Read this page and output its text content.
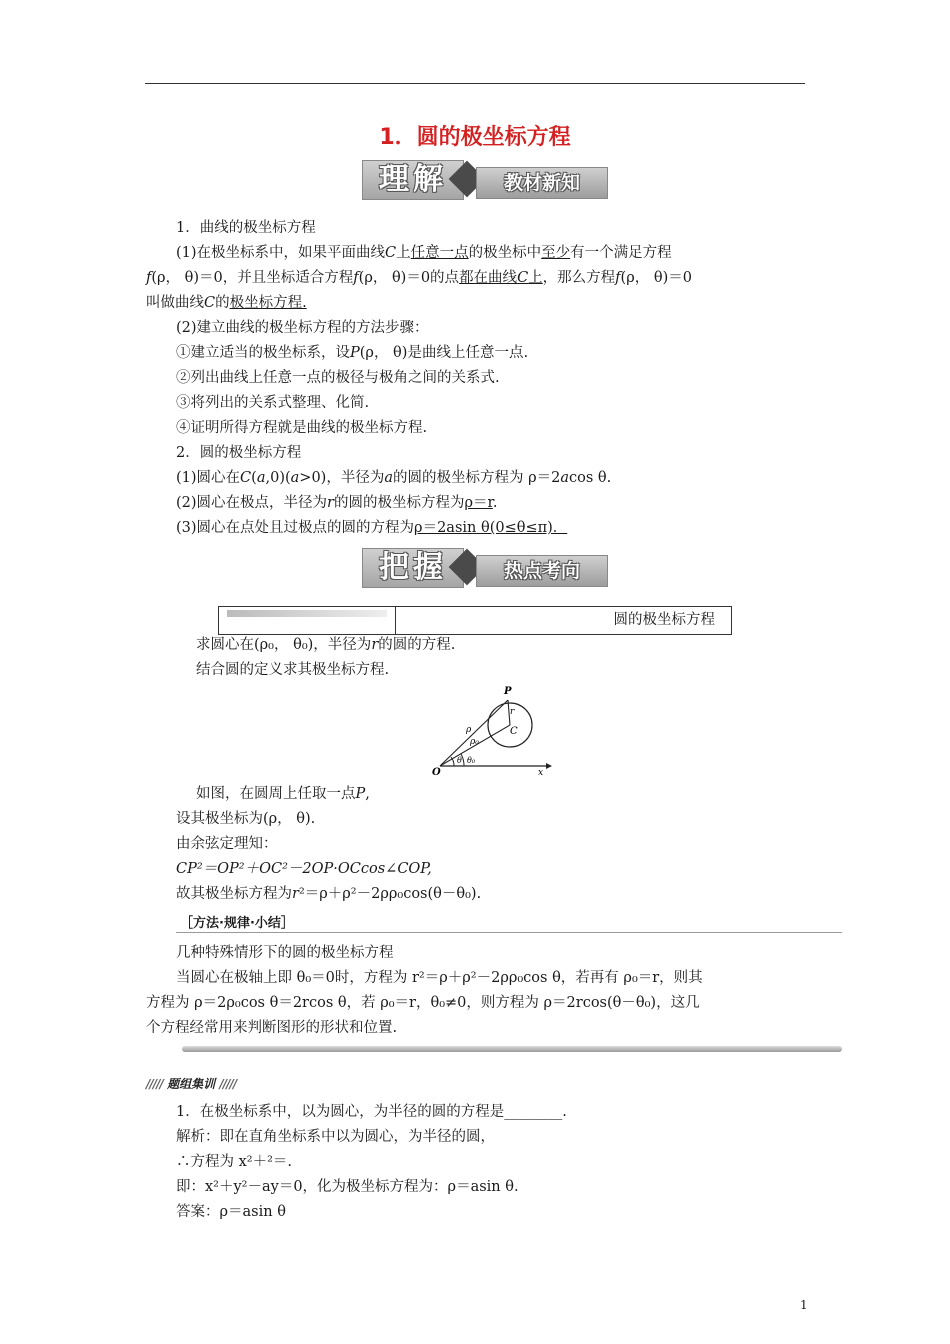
1．圆的极坐标方程
理解	教材新知
1．曲线的极坐标方程
(1)在极坐标系中，如果平面曲线C上任意一点的极坐标中至少有一个满足方程
f(ρ， θ)＝0，并且坐标适合方程f(ρ， θ)＝0的点都在曲线C上，那么方程f(ρ， θ)＝0
叫做曲线C的极坐标方程.
(2)建立曲线的极坐标方程的方法步骤：
①建立适当的极坐标系，设P(ρ， θ)是曲线上任意一点.
②列出曲线上任意一点的极径与极角之间的关系式.
③将列出的关系式整理、化简.
④证明所得方程就是曲线的极坐标方程.
2．圆的极坐标方程
(1)圆心在C(a,0)(a>0)，半径为a的圆的极坐标方程为 ρ＝2acos θ.
(2)圆心在极点，半径为r的圆的极坐标方程为ρ＝r.
(3)圆心在点处且过极点的圆的方程为ρ＝2asin θ(0≤θ≤π)．
把握	热点考向
圆的极坐标方程
求圆心在(ρ₀， θ₀)，半径为r的圆的方程.
结合圆的定义求其极坐标方程.
P
r
ρ
ρ₀
C
O
θ θ₀
x
如图，在圆周上任取一点P,
设其极坐标为(ρ， θ).
由余弦定理知：
CP²＝OP²＋OC²－2OP·OCcos∠COP,
故其极坐标方程为r²＝ρ＋ρ²－2ρρ₀cos(θ－θ₀).
［方法·规律·小结］
几种特殊情形下的圆的极坐标方程
当圆心在极轴上即 θ₀＝0时，方程为 r²＝ρ＋ρ²－2ρρ₀cos θ，若再有 ρ₀＝r，则其
方程为 ρ＝2ρ₀cos θ＝2rcos θ，若 ρ₀＝r，θ₀≠0，则方程为 ρ＝2rcos(θ－θ₀)，这几
个方程经常用来判断图形的形状和位置.
///// 题组集训 /////
1．在极坐标系中，以为圆心，为半径的圆的方程是________.
解析：即在直角坐标系中以为圆心，为半径的圆，
∴方程为 x²＋²＝.
即：x²＋y²－ay＝0，化为极坐标方程为：ρ＝asin θ.
答案：ρ＝asin θ
1
